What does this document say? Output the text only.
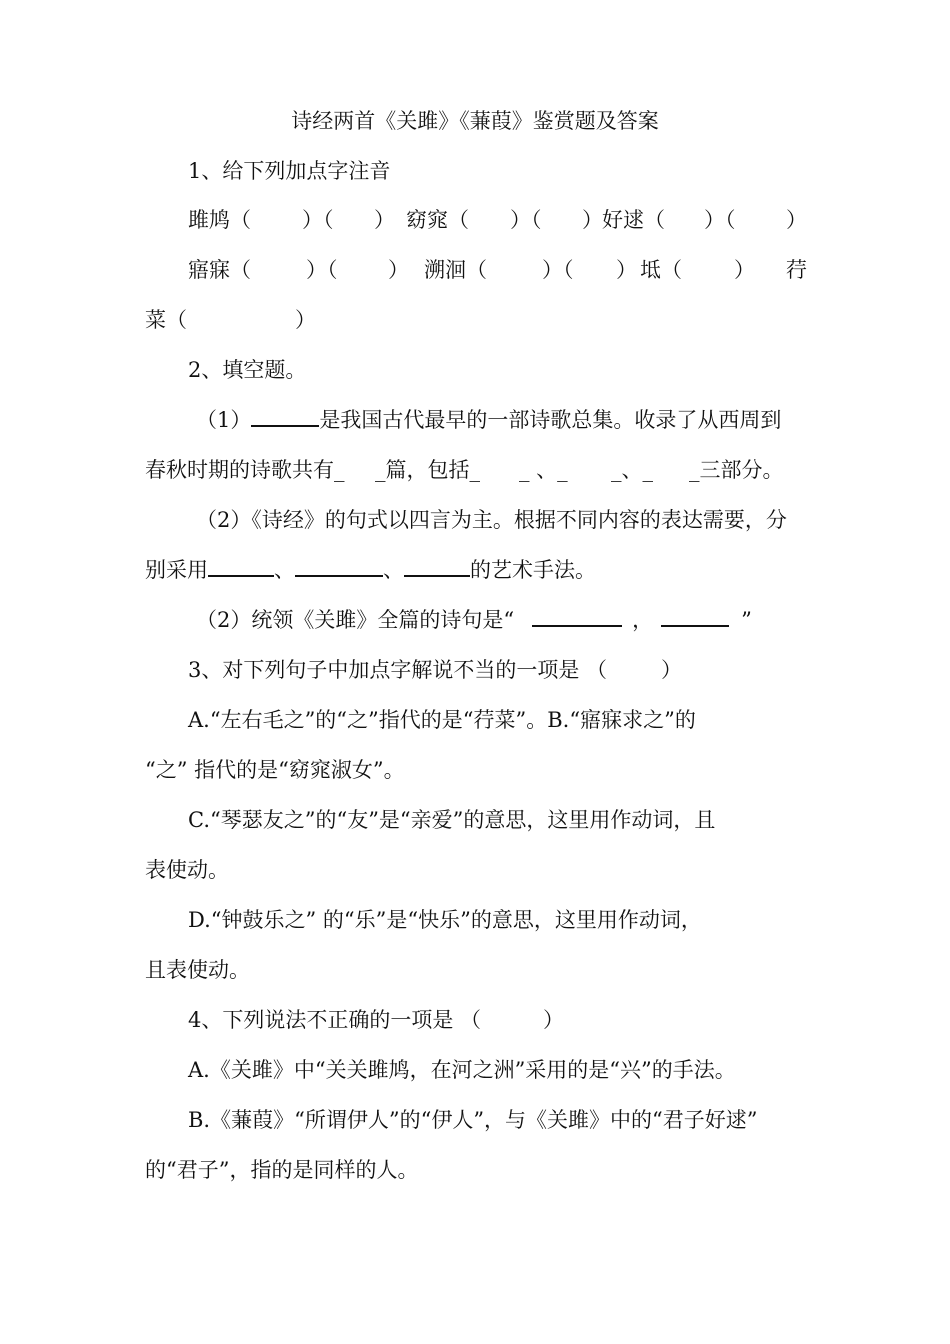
诗经两首《关雎》《蒹葭》鉴赏题及答案
1、给下列加点字注音
雎鸠（ ）（ ） 窈窕（ ）（ ） 好逑（ ）（ ）
寤寐（	）（ ） 溯洄（	）（ ） 坻（ ） 荇
菜（	）
2、填空题。
（1）	是我国古代最早的一部诗歌总集。收录了从西周到
春秋时期的诗歌共有_ _篇，包括_ _ 、_ _、_ _三部分。
（2）《诗经》的句式以四言为主。根据不同内容的表达需要，分
别采用	、	、	的艺术手法。
（2）统领《关雎》全篇的诗句是“	，	”
3、对下列句子中加点字解说不当的一项是 （	）
A.“左右毛之”的“之”指代的是“荇菜”。B.“寤寐求之”的
“之” 指代的是“窈窕淑女”。
C.“琴瑟友之”的“友”是“亲爱”的意思，这里用作动词，且
表使动。
D.“钟鼓乐之” 的“乐”是“快乐”的意思，这里用作动词，
且表使动。
4、下列说法不正确的一项是 （	）
A.《关雎》中“关关雎鸠，在河之洲”采用的是“兴”的手法。
B.《蒹葭》“所谓伊人”的“伊人”，与《关雎》中的“君子好逑”
的“君子”，指的是同样的人。
